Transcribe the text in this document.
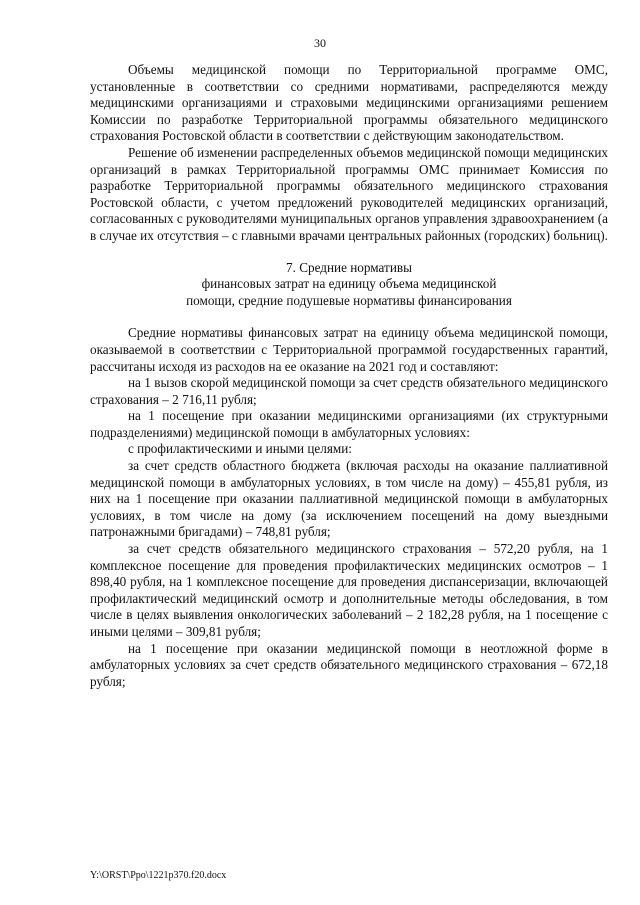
30

Объемы медицинской помощи по Территориальной программе ОМС, установленные в соответствии со средними нормативами, распределяются между медицинскими организациями и страховыми медицинскими организациями решением Комиссии по разработке Территориальной программы обязательного медицинского страхования Ростовской области в соответствии с действующим законодательством.

Решение об изменении распределенных объемов медицинской помощи медицинских организаций в рамках Территориальной программы ОМС принимает Комиссия по разработке Территориальной программы обязательного медицинского страхования Ростовской области, с учетом предложений руководителей медицинских организаций, согласованных с руководителями муниципальных органов управления здравоохранением (а в случае их отсутствия – с главными врачами центральных районных (городских) больниц).

7. Средние нормативы
финансовых затрат на единицу объема медицинской
помощи, средние подушевые нормативы финансирования

Средние нормативы финансовых затрат на единицу объема медицинской помощи, оказываемой в соответствии с Территориальной программой государственных гарантий, рассчитаны исходя из расходов на ее оказание на 2021 год и составляют:

на 1 вызов скорой медицинской помощи за счет средств обязательного медицинского страхования – 2 716,11 рубля;

на 1 посещение при оказании медицинскими организациями (их структурными подразделениями) медицинской помощи в амбулаторных условиях:

с профилактическими и иными целями:

за счет средств областного бюджета (включая расходы на оказание паллиативной медицинской помощи в амбулаторных условиях, в том числе на дому) – 455,81 рубля, из них на 1 посещение при оказании паллиативной медицинской помощи в амбулаторных условиях, в том числе на дому (за исключением посещений на дому выездными патронажными бригадами) – 748,81 рубля;

за счет средств обязательного медицинского страхования – 572,20 рубля, на 1 комплексное посещение для проведения профилактических медицинских осмотров – 1 898,40 рубля, на 1 комплексное посещение для проведения диспансеризации, включающей профилактический медицинский осмотр и дополнительные методы обследования, в том числе в целях выявления онкологических заболеваний – 2 182,28 рубля, на 1 посещение с иными целями – 309,81 рубля;

на 1 посещение при оказании медицинской помощи в неотложной форме в амбулаторных условиях за счет средств обязательного медицинского страхования – 672,18 рубля;

Y:\ORST\Ppo\1221p370.f20.docx
